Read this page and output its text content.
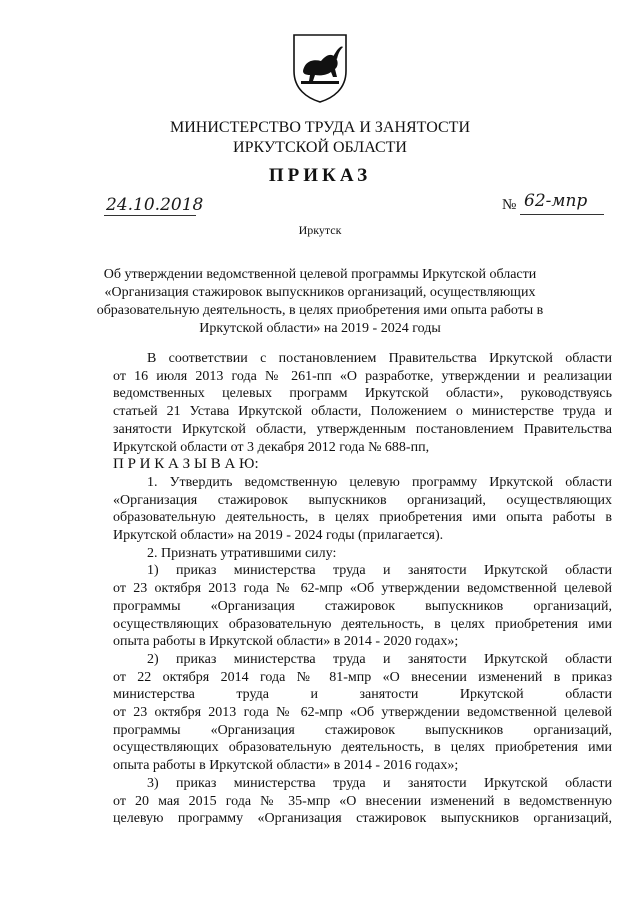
МИНИСТЕРСТВО ТРУДА И ЗАНЯТОСТИ
ИРКУТСКОЙ ОБЛАСТИ
ПРИКАЗ
24.10.2018	№ 62-мпр
Иркутск
Об утверждении ведомственной целевой программы Иркутской области
«Организация стажировок выпускников организаций, осуществляющих
образовательную деятельность, в целях приобретения ими опыта работы в
Иркутской области» на 2019 - 2024 годы

В соответствии с постановлением Правительства Иркутской области
от 16 июля 2013 года № 261-пп «О разработке, утверждении и реализации
ведомственных целевых программ Иркутской области», руководствуясь
статьей 21 Устава Иркутской области, Положением о министерстве труда и
занятости Иркутской области, утвержденным постановлением Правительства
Иркутской области от 3 декабря 2012 года № 688-пп,

П Р И К А З Ы В А Ю:

1. Утвердить ведомственную целевую программу Иркутской области
«Организация стажировок выпускников организаций, осуществляющих
образовательную деятельность, в целях приобретения ими опыта работы в
Иркутской области» на 2019 - 2024 годы (прилагается).

2. Признать утратившими силу:

1) приказ министерства труда и занятости Иркутской области
от 23 октября 2013 года № 62-мпр «Об утверждении ведомственной целевой
программы «Организация стажировок выпускников организаций,
осуществляющих образовательную деятельность, в целях приобретения ими
опыта работы в Иркутской области» в 2014 - 2020 годах»;

2) приказ министерства труда и занятости Иркутской области
от 22 октября 2014 года № 81-мпр «О внесении изменений в приказ
министерства труда и занятости Иркутской области
от 23 октября 2013 года № 62-мпр «Об утверждении ведомственной целевой
программы «Организация стажировок выпускников организаций,
осуществляющих образовательную деятельность, в целях приобретения ими
опыта работы в Иркутской области» в 2014 - 2016 годах»;

3) приказ министерства труда и занятости Иркутской области
от 20 мая 2015 года № 35-мпр «О внесении изменений в ведомственную
целевую программу «Организация стажировок выпускников организаций,
